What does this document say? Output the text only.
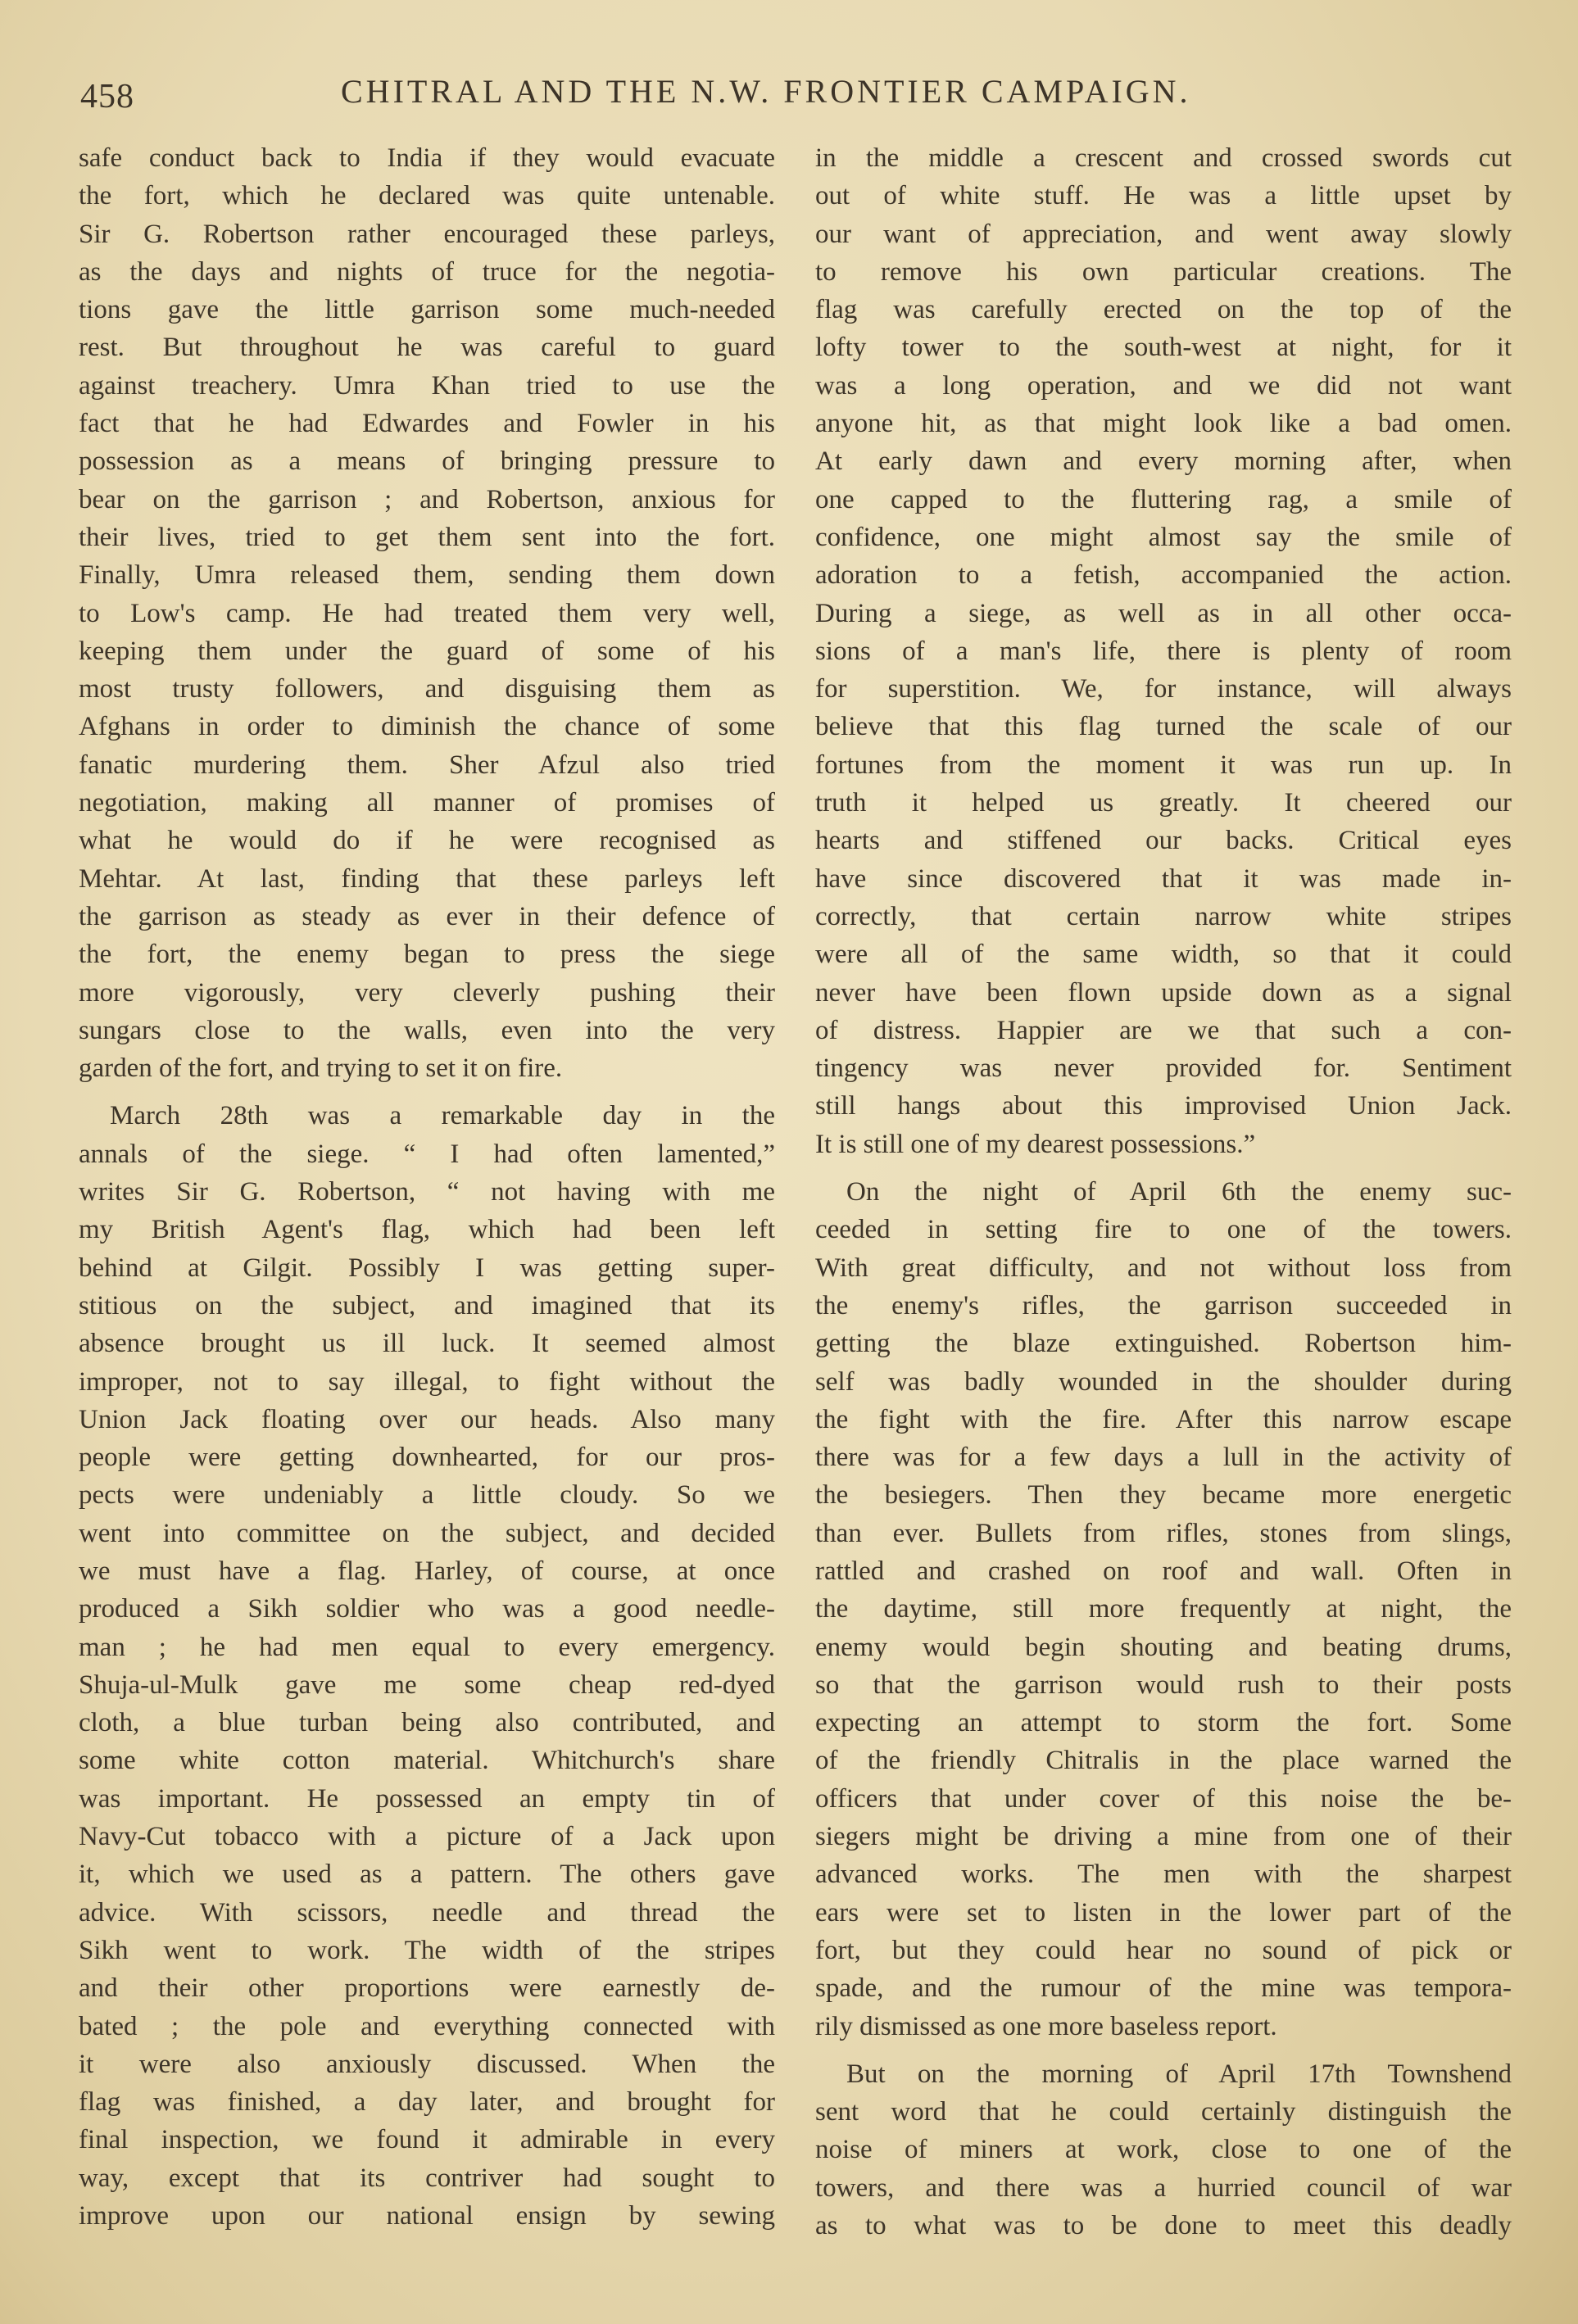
458	CHITRAL AND THE N.W. FRONTIER CAMPAIGN.
safe conduct back to India if they would evacuate
the fort, which he declared was quite untenable.
Sir G. Robertson rather encouraged these parleys,
as the days and nights of truce for the negotia-
tions gave the little garrison some much-needed
rest. But throughout he was careful to guard
against treachery. Umra Khan tried to use the
fact that he had Edwardes and Fowler in his
possession as a means of bringing pressure to
bear on the garrison ; and Robertson, anxious for
their lives, tried to get them sent into the fort.
Finally, Umra released them, sending them down
to Low's camp. He had treated them very well,
keeping them under the guard of some of his
most trusty followers, and disguising them as
Afghans in order to diminish the chance of some
fanatic murdering them. Sher Afzul also tried
negotiation, making all manner of promises of
what he would do if he were recognised as
Mehtar. At last, finding that these parleys left
the garrison as steady as ever in their defence of
the fort, the enemy began to press the siege
more vigorously, very cleverly pushing their
sungars close to the walls, even into the very
garden of the fort, and trying to set it on fire.
March 28th was a remarkable day in the
annals of the siege. “ I had often lamented,”
writes Sir G. Robertson, “ not having with me
my British Agent's flag, which had been left
behind at Gilgit. Possibly I was getting super-
stitious on the subject, and imagined that its
absence brought us ill luck. It seemed almost
improper, not to say illegal, to fight without the
Union Jack floating over our heads. Also many
people were getting downhearted, for our pros-
pects were undeniably a little cloudy. So we
went into committee on the subject, and decided
we must have a flag. Harley, of course, at once
produced a Sikh soldier who was a good needle-
man ; he had men equal to every emergency.
Shuja-ul-Mulk gave me some cheap red-dyed
cloth, a blue turban being also contributed, and
some white cotton material. Whitchurch's share
was important. He possessed an empty tin of
Navy-Cut tobacco with a picture of a Jack upon
it, which we used as a pattern. The others gave
advice. With scissors, needle and thread the
Sikh went to work. The width of the stripes
and their other proportions were earnestly de-
bated ; the pole and everything connected with
it were also anxiously discussed. When the
flag was finished, a day later, and brought for
final inspection, we found it admirable in every
way, except that its contriver had sought to
improve upon our national ensign by sewing
in the middle a crescent and crossed swords cut
out of white stuff. He was a little upset by
our want of appreciation, and went away slowly
to remove his own particular creations. The
flag was carefully erected on the top of the
lofty tower to the south-west at night, for it
was a long operation, and we did not want
anyone hit, as that might look like a bad omen.
At early dawn and every morning after, when
one capped to the fluttering rag, a smile of
confidence, one might almost say the smile of
adoration to a fetish, accompanied the action.
During a siege, as well as in all other occa-
sions of a man's life, there is plenty of room
for superstition. We, for instance, will always
believe that this flag turned the scale of our
fortunes from the moment it was run up. In
truth it helped us greatly. It cheered our
hearts and stiffened our backs. Critical eyes
have since discovered that it was made in-
correctly, that certain narrow white stripes
were all of the same width, so that it could
never have been flown upside down as a signal
of distress. Happier are we that such a con-
tingency was never provided for. Sentiment
still hangs about this improvised Union Jack.
It is still one of my dearest possessions.”
On the night of April 6th the enemy suc-
ceeded in setting fire to one of the towers.
With great difficulty, and not without loss from
the enemy's rifles, the garrison succeeded in
getting the blaze extinguished. Robertson him-
self was badly wounded in the shoulder during
the fight with the fire. After this narrow escape
there was for a few days a lull in the activity of
the besiegers. Then they became more energetic
than ever. Bullets from rifles, stones from slings,
rattled and crashed on roof and wall. Often in
the daytime, still more frequently at night, the
enemy would begin shouting and beating drums,
so that the garrison would rush to their posts
expecting an attempt to storm the fort. Some
of the friendly Chitralis in the place warned the
officers that under cover of this noise the be-
siegers might be driving a mine from one of their
advanced works. The men with the sharpest
ears were set to listen in the lower part of the
fort, but they could hear no sound of pick or
spade, and the rumour of the mine was tempora-
rily dismissed as one more baseless report.
But on the morning of April 17th Townshend
sent word that he could certainly distinguish the
noise of miners at work, close to one of the
towers, and there was a hurried council of war
as to what was to be done to meet this deadly
